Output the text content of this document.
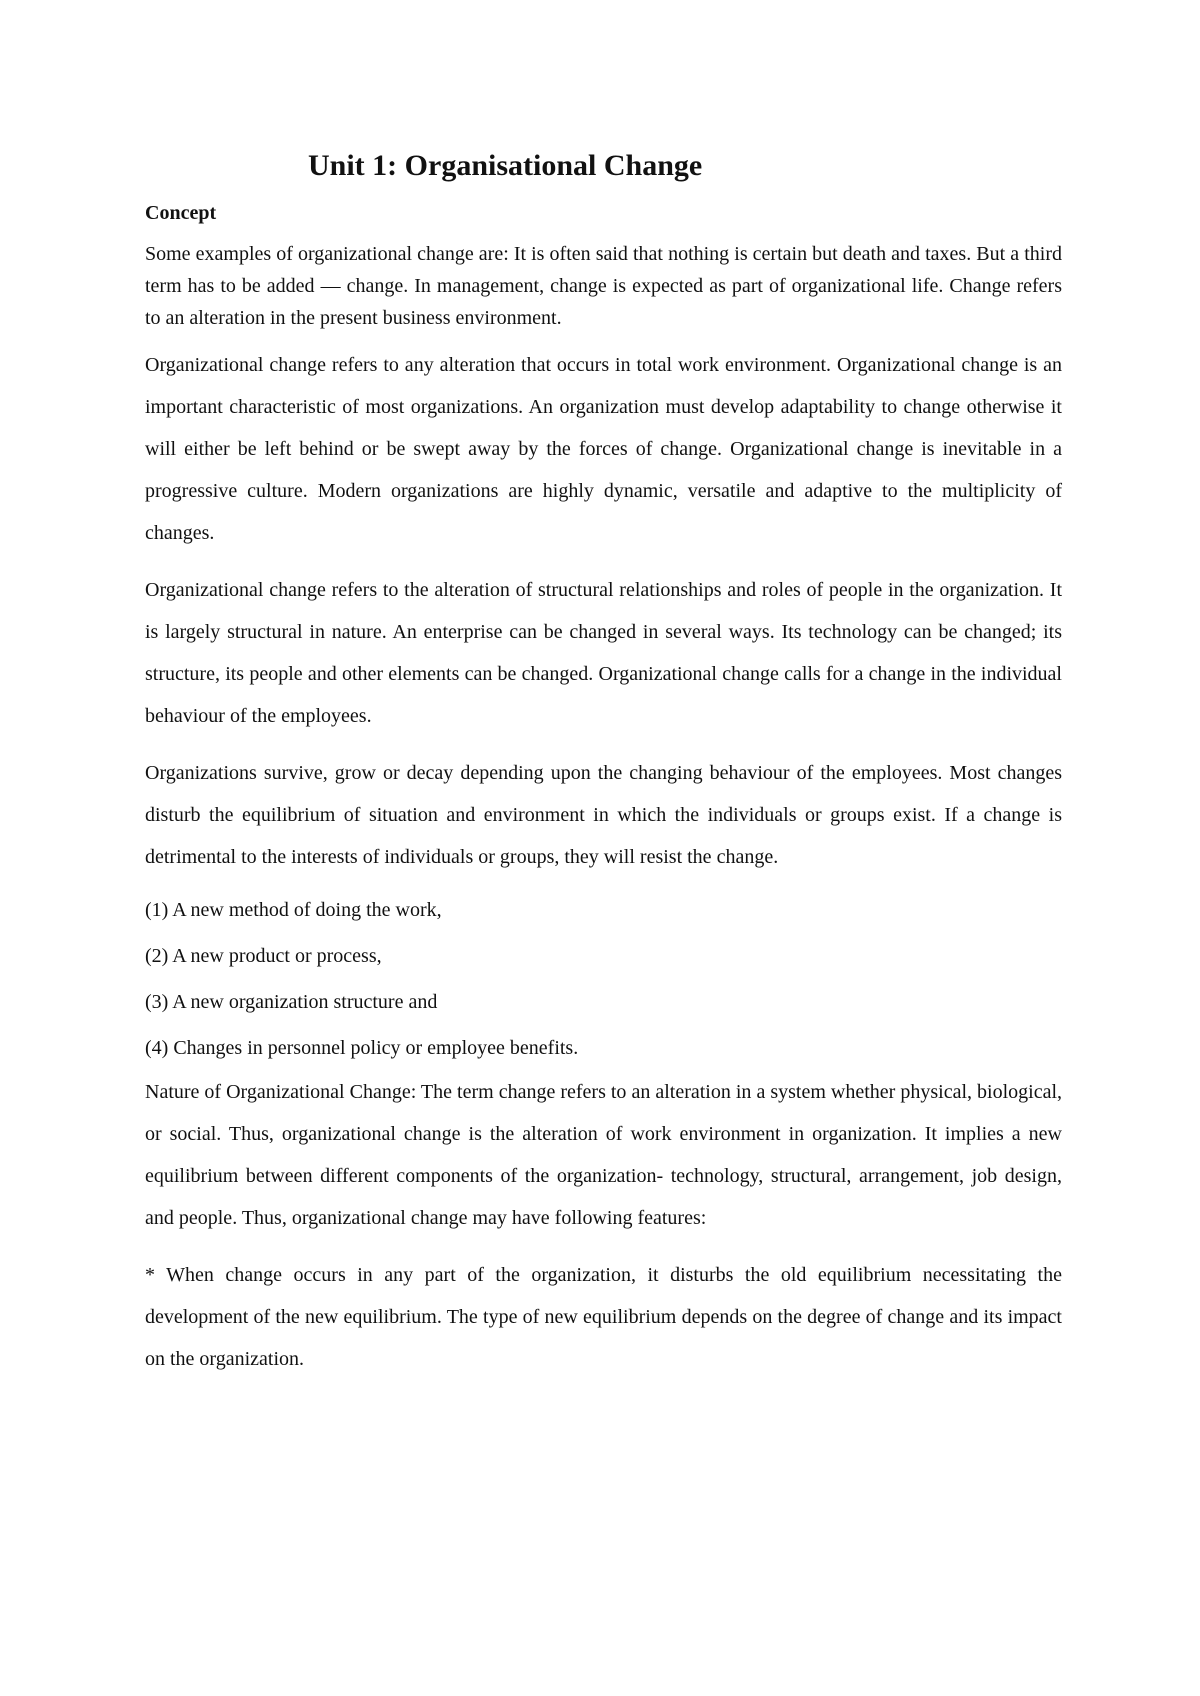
Unit 1: Organisational Change
Concept

Some examples of organizational change are: It is often said that nothing is certain but death and taxes. But a third term has to be added — change. In management, change is expected as part of organizational life. Change refers to an alteration in the present business environment.

Organizational change refers to any alteration that occurs in total work environment. Organizational change is an important characteristic of most organizations. An organization must develop adaptability to change otherwise it will either be left behind or be swept away by the forces of change. Organizational change is inevitable in a progressive culture. Modern organizations are highly dynamic, versatile and adaptive to the multiplicity of changes.

Organizational change refers to the alteration of structural relationships and roles of people in the organization. It is largely structural in nature. An enterprise can be changed in several ways. Its technology can be changed; its structure, its people and other elements can be changed. Organizational change calls for a change in the individual behaviour of the employees.

Organizations survive, grow or decay depending upon the changing behaviour of the employees. Most changes disturb the equilibrium of situation and environment in which the individuals or groups exist. If a change is detrimental to the interests of individuals or groups, they will resist the change.

(1) A new method of doing the work,
(2) A new product or process,
(3) A new organization structure and
(4) Changes in personnel policy or employee benefits.

Nature of Organizational Change: The term change refers to an alteration in a system whether physical, biological, or social. Thus, organizational change is the alteration of work environment in organization. It implies a new equilibrium between different components of the organization- technology, structural, arrangement, job design, and people. Thus, organizational change may have following features:

* When change occurs in any part of the organization, it disturbs the old equilibrium necessitating the development of the new equilibrium. The type of new equilibrium depends on the degree of change and its impact on the organization.
